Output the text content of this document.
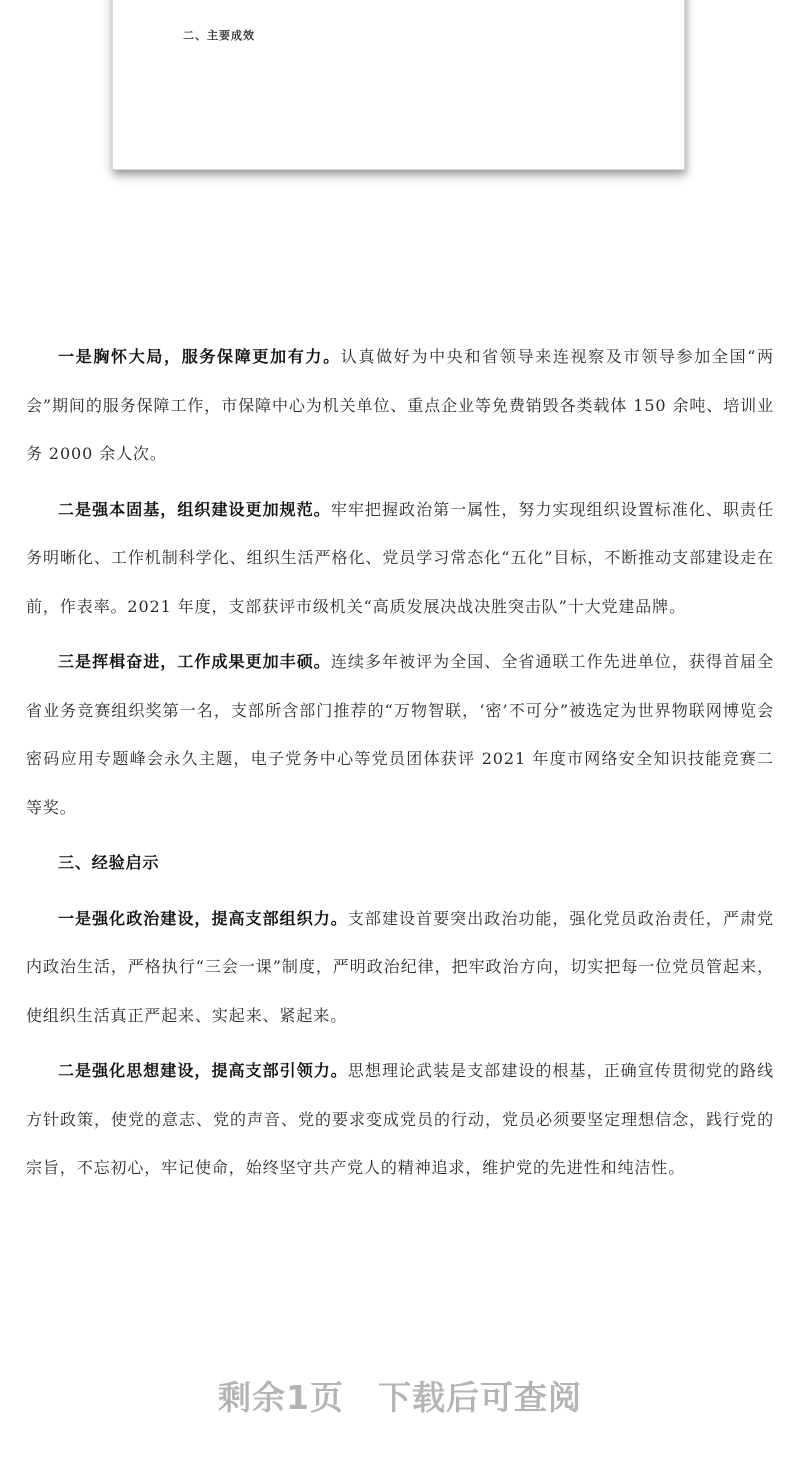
二、主要成效

一是胸怀大局，服务保障更加有力。认真做好为中央和省领导来连视察及市领导参加全国“两会”期间的服务保障工作，市保障中心为机关单位、重点企业等免费销毁各类载体 150 余吨、培训业务 2000 余人次。

二是强本固基，组织建设更加规范。牢牢把握政治第一属性，努力实现组织设置标准化、职责任务明晰化、工作机制科学化、组织生活严格化、党员学习常态化“五化”目标，不断推动支部建设走在前，作表率。2021 年度，支部获评市级机关“高质发展决战决胜突击队”十大党建品牌。

三是挥楫奋进，工作成果更加丰硕。连续多年被评为全国、全省通联工作先进单位，获得首届全省业务竞赛组织奖第一名，支部所含部门推荐的“万物智联，‘密’不可分”被选定为世界物联网博览会密码应用专题峰会永久主题，电子党务中心等党员团体获评 2021 年度市网络安全知识技能竞赛二等奖。

三、经验启示

一是强化政治建设，提高支部组织力。支部建设首要突出政治功能，强化党员政治责任，严肃党内政治生活，严格执行“三会一课”制度，严明政治纪律，把牢政治方向，切实把每一位党员管起来，使组织生活真正严起来、实起来、紧起来。

二是强化思想建设，提高支部引领力。思想理论武装是支部建设的根基，正确宣传贯彻党的路线方针政策，使党的意志、党的声音、党的要求变成党员的行动，党员必须要坚定理想信念，践行党的宗旨，不忘初心，牢记使命，始终坚守共产党人的精神追求，维护党的先进性和纯洁性。

剩余1页 下载后可查阅
